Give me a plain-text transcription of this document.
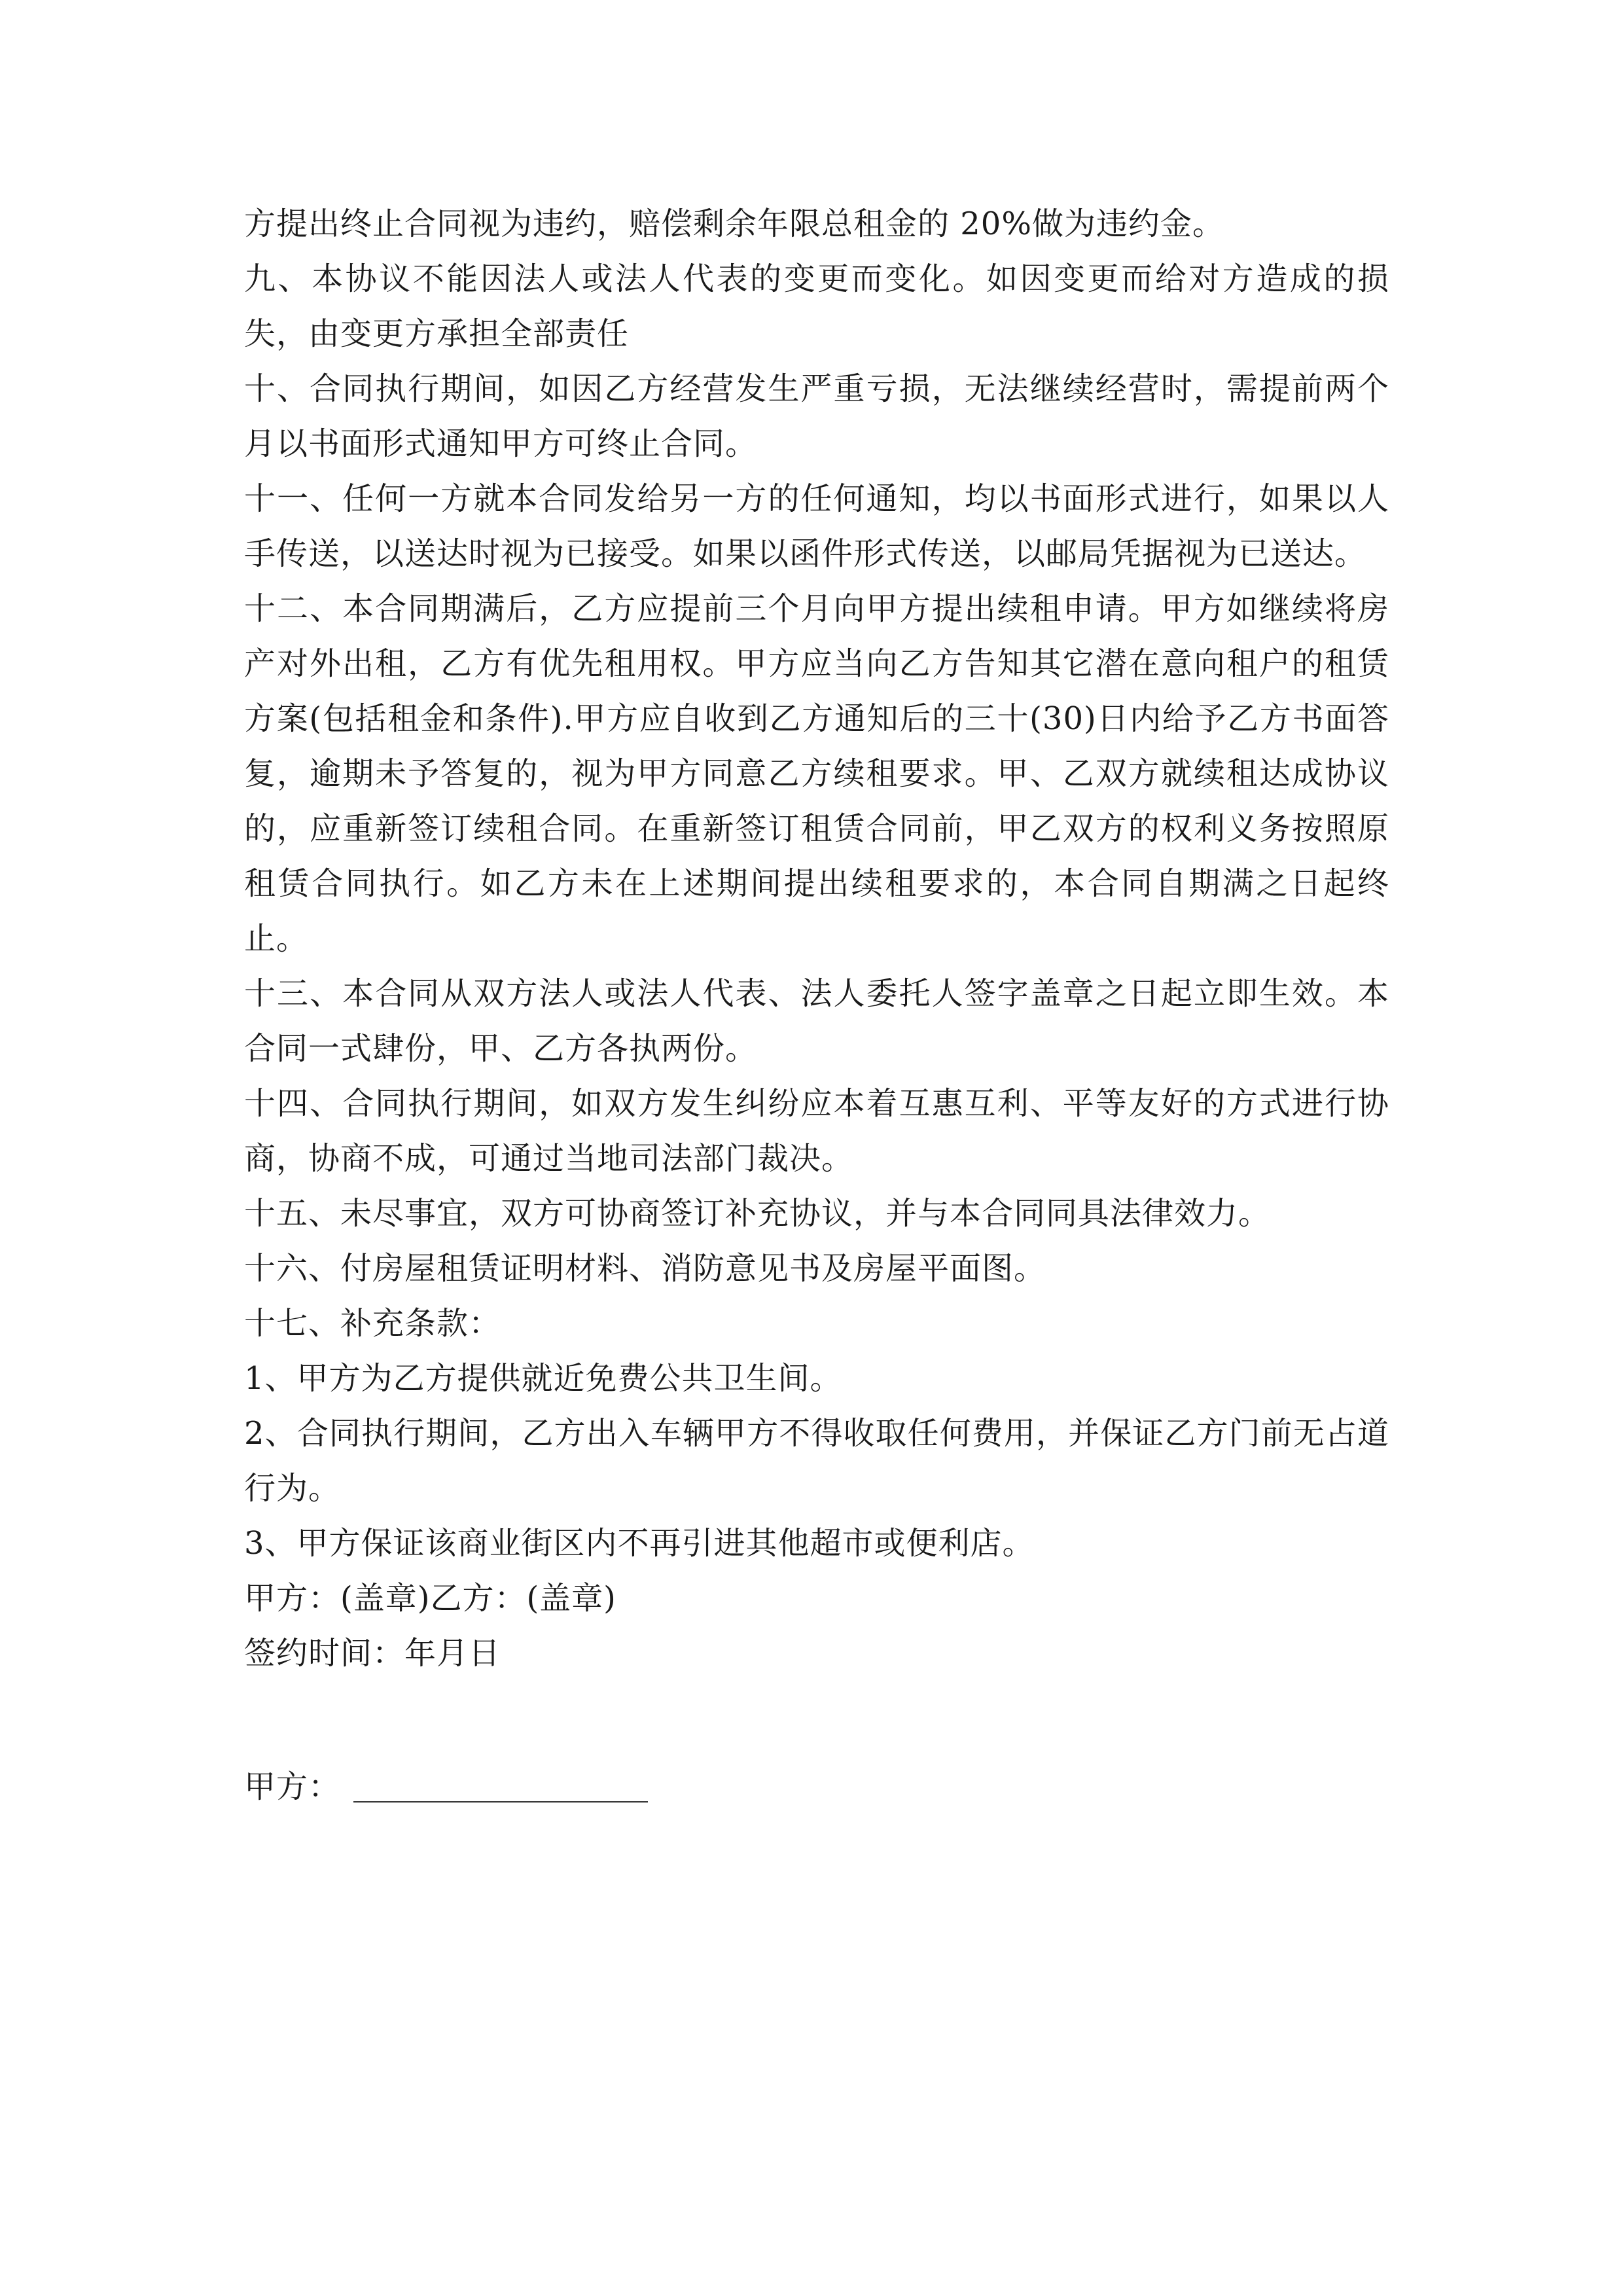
方提出终止合同视为违约，赔偿剩余年限总租金的 20%做为违约金。

九、本协议不能因法人或法人代表的变更而变化。如因变更而给对方造成的损失，由变更方承担全部责任

十、合同执行期间，如因乙方经营发生严重亏损，无法继续经营时，需提前两个月以书面形式通知甲方可终止合同。

十一、任何一方就本合同发给另一方的任何通知，均以书面形式进行，如果以人手传送，以送达时视为已接受。如果以函件形式传送，以邮局凭据视为已送达。

十二、本合同期满后，乙方应提前三个月向甲方提出续租申请。甲方如继续将房产对外出租，乙方有优先租用权。甲方应当向乙方告知其它潜在意向租户的租赁方案(包括租金和条件).甲方应自收到乙方通知后的三十(30)日内给予乙方书面答复，逾期未予答复的，视为甲方同意乙方续租要求。甲、乙双方就续租达成协议的，应重新签订续租合同。在重新签订租赁合同前，甲乙双方的权利义务按照原租赁合同执行。如乙方未在上述期间提出续租要求的，本合同自期满之日起终止。

十三、本合同从双方法人或法人代表、法人委托人签字盖章之日起立即生效。本合同一式肆份，甲、乙方各执两份。

十四、合同执行期间，如双方发生纠纷应本着互惠互利、平等友好的方式进行协商，协商不成，可通过当地司法部门裁决。

十五、未尽事宜，双方可协商签订补充协议，并与本合同同具法律效力。

十六、付房屋租赁证明材料、消防意见书及房屋平面图。

十七、补充条款：

1、甲方为乙方提供就近免费公共卫生间。

2、合同执行期间，乙方出入车辆甲方不得收取任何费用，并保证乙方门前无占道行为。

3、甲方保证该商业街区内不再引进其他超市或便利店。

甲方：(盖章)乙方：(盖章)

签约时间：年月日

甲方：
